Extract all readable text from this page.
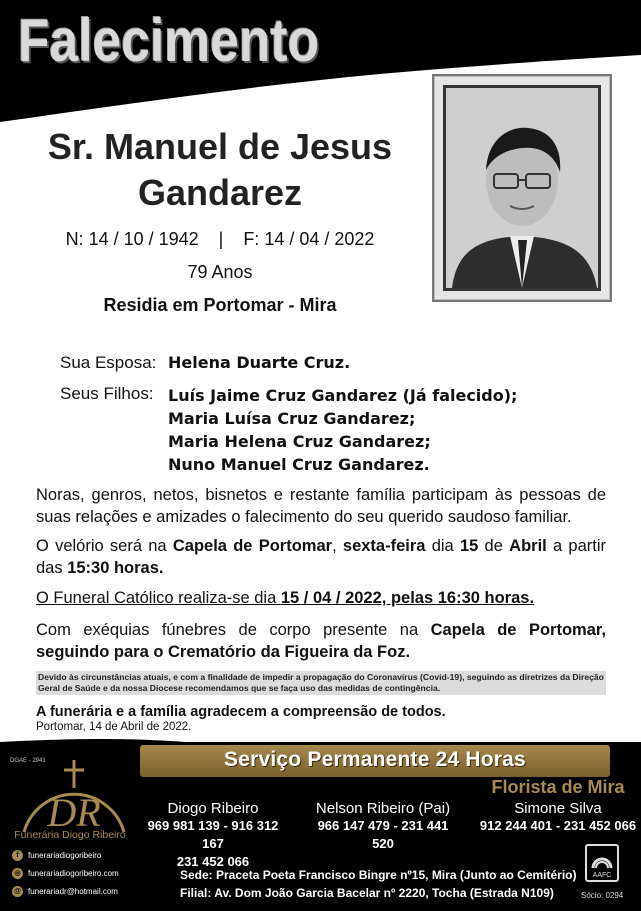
Falecimento
Sr. Manuel de Jesus
Gandarez
N: 14 / 10 / 1942    |    F: 14 / 04 / 2022
79 Anos
Residia em Portomar - Mira
Sua Esposa: Helena Duarte Cruz.
Seus Filhos: Luís Jaime Cruz Gandarez (Já falecido);
Maria Luísa Cruz Gandarez;
Maria Helena Cruz Gandarez;
Nuno Manuel Cruz Gandarez.
Noras, genros, netos, bisnetos e restante família participam às pessoas de suas relações e amizades o falecimento do seu querido saudoso familiar.
O velório será na Capela de Portomar, sexta-feira dia 15 de Abril a partir das 15:30 horas.
O Funeral Católico realiza-se dia 15 / 04 / 2022, pelas 16:30 horas.
Com exéquias fúnebres de corpo presente na Capela de Portomar, seguindo para o Crematório da Figueira da Foz.
Devido às circunstâncias atuais, e com a finalidade de impedir a propagação do Coronavírus (Covid-19), seguindo as diretrizes da Direção Geral de Saúde e da nossa Diocese recomendamos que se faça uso das medidas de contingência.
A funerária e a família agradecem a compreensão de todos.
Portomar, 14 de Abril de 2022.
DGAE - 2941	Serviço Permanente 24 Horas
DR
Funerária Diogo Ribeiro
f	funerariadiogoribeiro
◎ funerariadiogoribeiro.com
@ funerariadr@hotmail.com
Diogo Ribeiro
969 981 139 - 916 312 167
231 452 066
Nelson Ribeiro (Pai)
966 147 479 - 231 441 520
Florista de Mira
Simone Silva
912 244 401 - 231 452 066
Sede: Praceta Poeta Francisco Bingre nº15, Mira (Junto ao Cemitério)
Filial: Av. Dom João Garcia Bacelar nº 2220, Tocha (Estrada N109)
AAFC
Sócio: 0294
